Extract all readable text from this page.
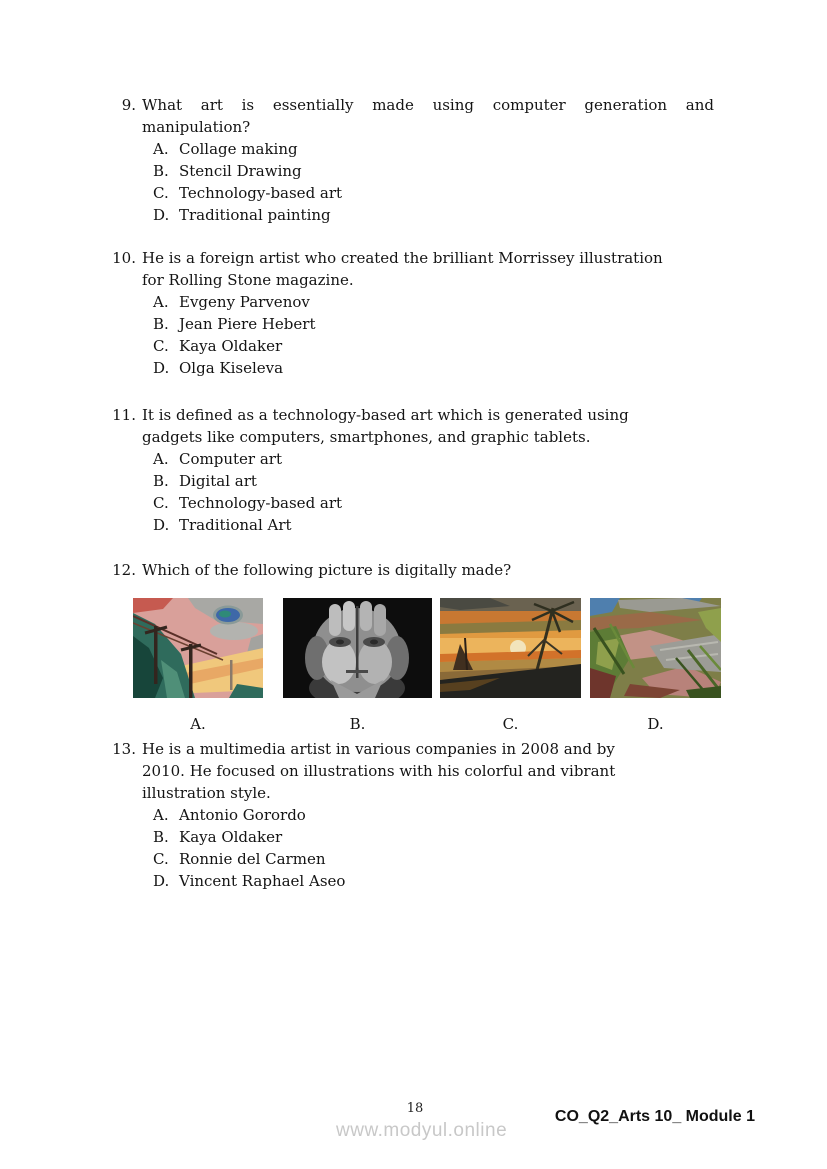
9. What art is essentially made using computer generation and
manipulation?
A. Collage making
B. Stencil Drawing
C. Technology-based art
D. Traditional painting
10. He is a foreign artist who created the brilliant Morrissey illustration
for Rolling Stone magazine.
A. Evgeny Parvenov
B. Jean Piere Hebert
C. Kaya Oldaker
D. Olga Kiseleva
11. It is defined as a technology-based art which is generated using
gadgets like computers, smartphones, and graphic tablets.
A. Computer art
B. Digital art
C. Technology-based art
D. Traditional Art
12. Which of the following picture is digitally made?
A.	B.	C.	D.
13. He is a multimedia artist in various companies in 2008 and by
2010. He focused on illustrations with his colorful and vibrant
illustration style.
A. Antonio Gorordo
B. Kaya Oldaker
C. Ronnie del Carmen
D. Vincent Raphael Aseo
18
www.modyul.online
CO_Q2_Arts 10_ Module 1
